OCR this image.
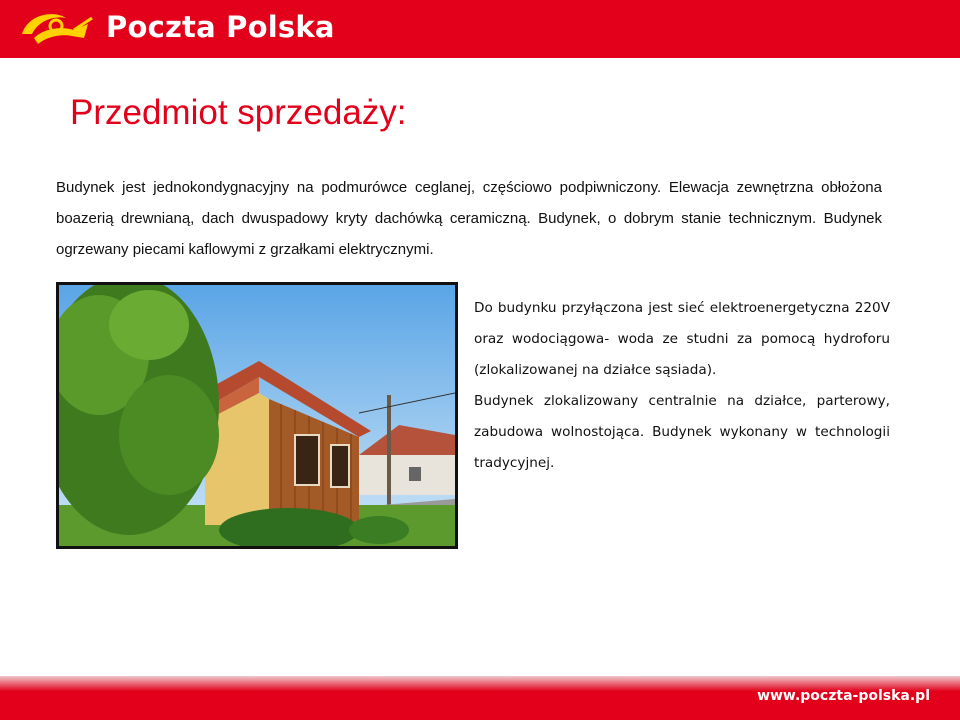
Poczta Polska
Przedmiot sprzedaży:

Budynek jest jednokondygnacyjny na podmurówce ceglanej, częściowo podpiwniczony. Elewacja zewnętrzna obłożona boazerią drewnianą, dach dwuspadowy kryty dachówką ceramiczną. Budynek, o dobrym stanie technicznym. Budynek ogrzewany piecami kaflowymi z grzałkami elektrycznymi.

Do budynku przyłączona jest sieć elektroenergetyczna 220V oraz wodociągowa- woda ze studni za pomocą hydroforu (zlokalizowanej na działce sąsiada).

Budynek zlokalizowany centralnie na działce, parterowy, zabudowa wolnostojąca. Budynek wykonany w technologii tradycyjnej.

www.poczta-polska.pl
